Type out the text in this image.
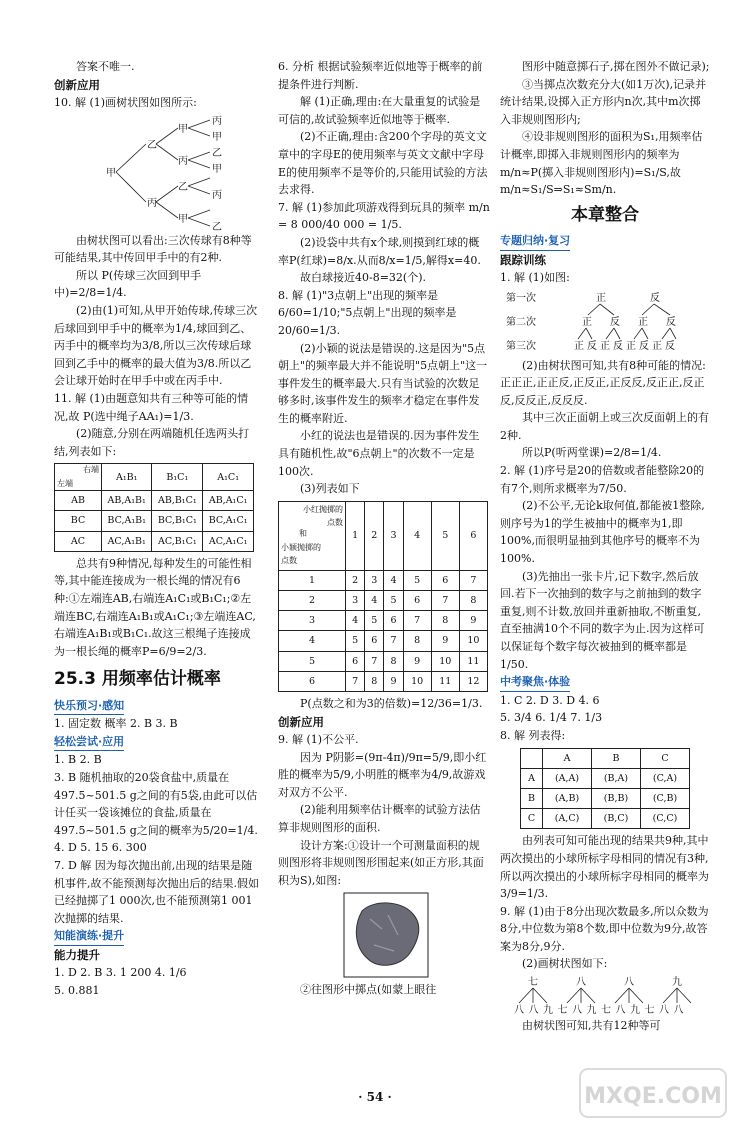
答案不唯一.

创新应用

10. 解 (1)画树状图如图所示:

甲
乙
丙
甲
丙
乙
甲
丙
甲
乙
甲
丙
乙

由树状图可以看出:三次传球有8种等可能结果,其中传回甲手中的有2种.

所以 P(传球三次回到甲手中)=2/8=1/4.

(2)由(1)可知,从甲开始传球,传球三次后球回到甲手中的概率为1/4,球回到乙、丙手中的概率均为3/8,所以三次传球后球回到乙手中的概率的最大值为3/8.所以乙会让球开始时在甲手中或在丙手中.

11. 解 (1)由题意知共有三种等可能的情况,故 P(选中绳子AA₁)=1/3.

(2)随意,分别在两端随机任选两头打结,列表如下:

右端
左端	A₁B₁	B₁C₁	A₁C₁
AB	AB,A₁B₁	AB,B₁C₁	AB,A₁C₁
BC	BC,A₁B₁	BC,B₁C₁	BC,A₁C₁
AC	AC,A₁B₁	AC,B₁C₁	AC,A₁C₁

总共有9种情况,每种发生的可能性相等,其中能连接成为一根长绳的情况有6种:①左端连AB,右端连A₁C₁或B₁C₁;②左端连BC,右端连A₁B₁或A₁C₁;③左端连AC,右端连A₁B₁或B₁C₁.故这三根绳子连接成为一根长绳的概率P=6/9=2/3.

25.3 用频率估计概率

快乐预习·感知

1. 固定数 概率 2. B 3. B

轻松尝试·应用

1. B 2. B

3. B 随机抽取的20袋食盐中,质量在497.5~501.5 g之间的有5袋,由此可以估计任买一袋该摊位的食盐,质量在497.5~501.5 g之间的概率为5/20=1/4.

4. D 5. 15 6. 300

7. D 解 因为每次抛出前,出现的结果是随机事件,故不能预测每次抛出后的结果.假如已经抛掷了1 000次,也不能预测第1 001次抛掷的结果.

知能演练·提升

能力提升

1. D 2. B 3. 1 200 4. 1/6

5. 0.881

6. 分析 根据试验频率近似地等于概率的前提条件进行判断.

解 (1)正确,理由:在大量重复的试验是可信的,故试验频率近似地等于概率.

(2)不正确,理由:含200个字母的英文文章中的字母E的使用频率与英文文献中字母E的使用频率不是等价的,只能用试验的方法去求得.

7. 解 (1)参加此项游戏得到玩具的频率 m/n = 8 000/40 000 = 1/5.

(2)设袋中共有x个球,则摸到红球的概率P(红球)=8/x.从而8/x=1/5,解得x=40.

故白球接近40-8=32(个).

8. 解 (1)"3点朝上"出现的频率是6/60=1/10;"5点朝上"出现的频率是20/60=1/3.

(2)小颖的说法是错误的.这是因为"5点朝上"的频率最大并不能说明"5点朝上"这一事件发生的概率最大.只有当试验的次数足够多时,该事件发生的频率才稳定在事件发生的概率附近.

小红的说法也是错误的.因为事件发生具有随机性,故"6点朝上"的次数不一定是100次.

(3)列表如下

小红抛掷的点数
和
小颖抛掷的点数	1	2	3	4	5	6
1	2	3	4	5	6	7
2	3	4	5	6	7	8
3	4	5	6	7	8	9
4	5	6	7	8	9	10
5	6	7	8	9	10	11
6	7	8	9	10	11	12

P(点数之和为3的倍数)=12/36=1/3.

创新应用

9. 解 (1)不公平.

因为 P阴影=(9π-4π)/9π=5/9,即小红胜的概率为5/9,小明胜的概率为4/9,故游戏对双方不公平.

(2)能利用频率估计概率的试验方法估算非规则图形的面积.

设计方案:①设计一个可测量面积的规则图形将非规则图形围起来(如正方形,其面积为S),如图:

②往图形中掷点(如蒙上眼往

图形中随意掷石子,掷在图外不做记录);

③当掷点次数充分大(如1万次),记录并统计结果,设掷入正方形内n次,其中m次掷入非规则图形内;

④设非规则图形的面积为S₁,用频率估计概率,即掷入非规则图形内的频率为m/n≈P(掷入非规则图形内)=S₁/S,故m/n≈S₁/S⇒S₁≈Sm/n.

本章整合

专题归纳·复习

跟踪训练

1. 解 (1)如图:

第一次
第二次
第三次
正	反
正 反 正 反
正反正反正反正反

(2)由树状图可知,共有8种可能的情况:正正正,正正反,正反正,正反反,反正正,反正反,反反正,反反反.

其中三次正面朝上或三次反面朝上的有2种.

所以P(听两堂课)=2/8=1/4.

2. 解 (1)序号是20的倍数或者能整除20的有7个,则所求概率为7/50.

(2)不公平,无论k取何值,都能被1整除,则序号为1的学生被抽中的概率为1,即100%,而很明显抽到其他序号的概率不为100%.

(3)先抽出一张卡片,记下数字,然后放回.若下一次抽到的数字与之前抽到的数字重复,则不计数,放回并重新抽取,不断重复,直至抽满10个不同的数字为止.因为这样可以保证每个数字每次被抽到的概率都是1/50.

中考聚焦·体验

1. C 2. D 3. D 4. 6

5. 3/4 6. 1/4 7. 1/3

8. 解 列表得:

	A	B	C
A	(A,A)	(B,A)	(C,A)
B	(A,B)	(B,B)	(C,B)
C	(A,C)	(B,C)	(C,C)

由列表可知可能出现的结果共9种,其中两次摸出的小球所标字母相同的情况有3种,所以两次摸出的小球所标字母相同的概率为3/9=1/3.

9. 解 (1)由于8分出现次数最多,所以众数为8分,中位数为第8个数,即中位数为9分,故答案为8分,9分.

(2)画树状图如下:

七	八	八	九
八八九七八九七八九七八八

由树状图可知,共有12种等可

· 54 ·	MXQE.COM
